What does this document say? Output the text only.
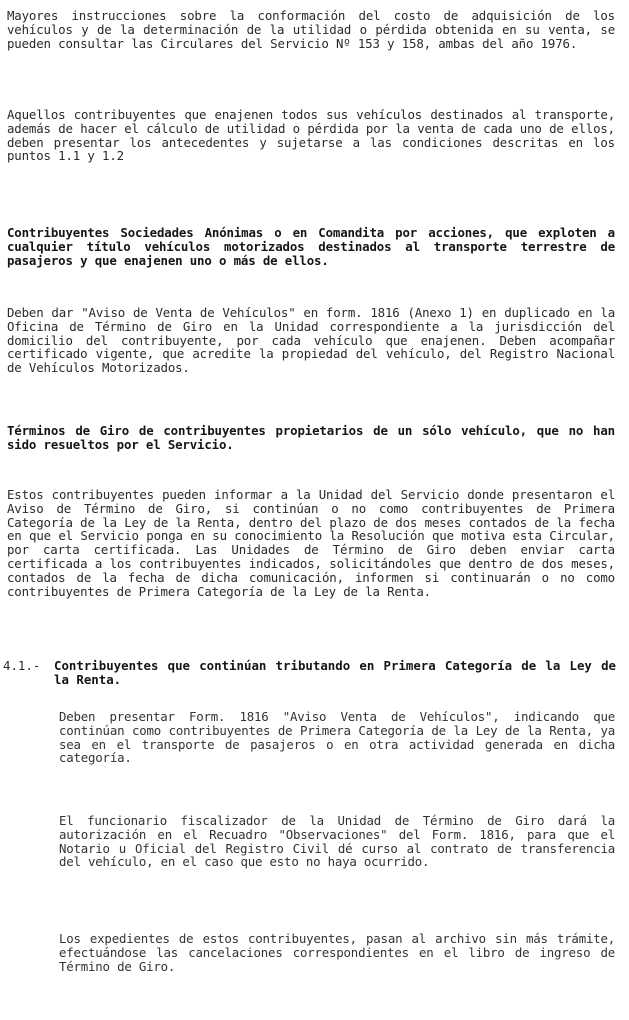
Mayores instrucciones sobre la conformación del costo de adquisición de los vehículos y de la determinación de la utilidad o pérdida obtenida en su venta, se pueden consultar las Circulares del Servicio Nº 153 y 158, ambas del año 1976.
Aquellos contribuyentes que enajenen todos sus vehículos destinados al transporte, además de hacer el cálculo de utilidad o pérdida por la venta de cada uno de ellos, deben presentar los antecedentes y sujetarse a las condiciones descritas en los puntos 1.1 y 1.2
Contribuyentes Sociedades Anónimas o en Comandita por acciones, que exploten a cualquier título vehículos motorizados destinados al transporte terrestre de pasajeros y que enajenen uno o más de ellos.
Deben dar "Aviso de Venta de Vehículos" en form. 1816 (Anexo 1) en duplicado en la Oficina de Término de Giro en la Unidad correspondiente a la jurisdicción del domicilio del contribuyente, por cada vehículo que enajenen. Deben acompañar certificado vigente, que acredite la propiedad del vehículo, del Registro Nacional de Vehículos Motorizados.
Términos de Giro de contribuyentes propietarios de un sólo vehículo, que no han sido resueltos por el Servicio.
Estos contribuyentes pueden informar a la Unidad del Servicio donde presentaron el Aviso de Término de Giro, si continúan o no como contribuyentes de Primera Categoría de la Ley de la Renta, dentro del plazo de dos meses contados de la fecha en que el Servicio ponga en su conocimiento la Resolución que motiva esta Circular, por carta certificada. Las Unidades de Término de Giro deben enviar carta certificada a los contribuyentes indicados, solicitándoles que dentro de dos meses, contados de la fecha de dicha comunicación, informen si continuarán o no como contribuyentes de Primera Categoría de la Ley de la Renta.
4.1.- Contribuyentes que continúan tributando en Primera Categoría de la Ley de la Renta.
Deben presentar Form. 1816 "Aviso Venta de Vehículos", indicando que continúan como contribuyentes de Primera Categoría de la Ley de la Renta, ya sea en el transporte de pasajeros o en otra actividad generada en dicha categoría.
El funcionario fiscalizador de la Unidad de Término de Giro dará la autorización en el Recuadro "Observaciones" del Form. 1816, para que el Notario u Oficial del Registro Civil dé curso al contrato de transferencia del vehículo, en el caso que esto no haya ocurrido.
Los expedientes de estos contribuyentes, pasan al archivo sin más trámite, efectuándose las cancelaciones correspondientes en el libro de ingreso de Término de Giro.
